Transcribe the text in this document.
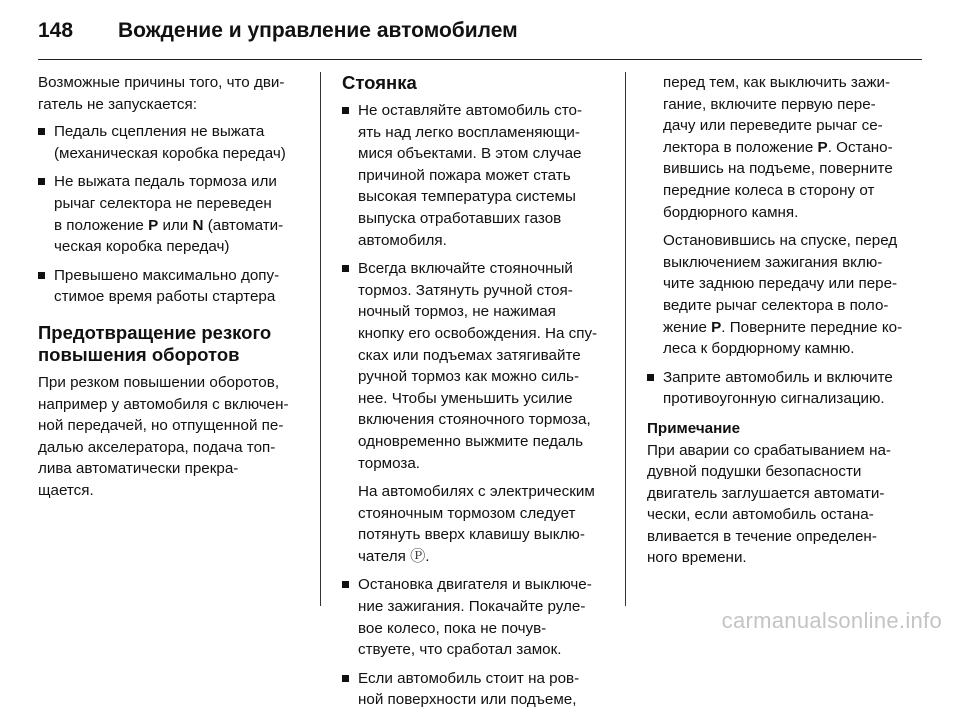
148 Вождение и управление автомобилем

Возможные причины того, что дви-
гатель не запускается:

Педаль сцепления не выжата
(механическая коробка передач)
Не выжата педаль тормоза или
рычаг селектора не переведен
в положение P или N (автомати-
ческая коробка передач)
Превышено максимально допу-
стимое время работы стартера
Предотвращение резкого
повышения оборотов

При резком повышении оборотов,
например у автомобиля с включен-
ной передачей, но отпущенной пе-
далью акселератора, подача топ-
лива автоматически прекра-
щается.

Стоянка
Не оставляйте автомобиль сто-
ять над легко воспламеняющи-
мися объектами. В этом случае
причиной пожара может стать
высокая температура системы
выпуска отработавших газов
автомобиля.
Всегда включайте стояночный
тормоз. Затянуть ручной стоя-
ночный тормоз, не нажимая
кнопку его освобождения. На спу-
сках или подъемах затягивайте
ручной тормоз как можно силь-
нее. Чтобы уменьшить усилие
включения стояночного тормоза,
одновременно выжмите педаль
тормоза.
На автомобилях с электрическим
стояночным тормозом следует
потянуть вверх клавишу выклю-
чателя Ⓟ.
Остановка двигателя и выключе-
ние зажигания. Покачайте руле-
вое колесо, пока не почув-
ствуете, что сработал замок.
Если автомобиль стоит на ров-
ной поверхности или подъеме,
перед тем, как выключить зажи-
гание, включите первую пере-
дачу или переведите рычаг се-
лектора в положение P. Остано-
вившись на подъеме, поверните
передние колеса в сторону от
бордюрного камня.
Остановившись на спуске, перед
выключением зажигания вклю-
чите заднюю передачу или пере-
ведите рычаг селектора в поло-
жение P. Поверните передние ко-
леса к бордюрному камню.
Заприте автомобиль и включите
противоугонную сигнализацию.
Примечание
При аварии со срабатыванием на-
дувной подушки безопасности
двигатель заглушается автомати-
чески, если автомобиль остана-
вливается в течение определен-
ного времени.
carmanualsonline.info
